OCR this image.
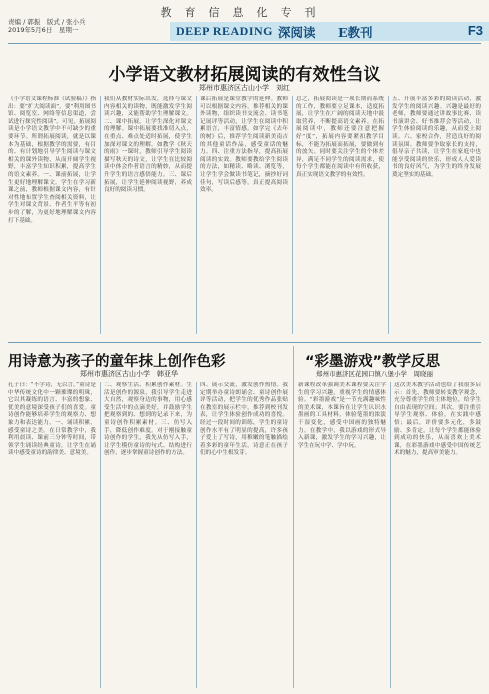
教育信息化专刊
责编 / 郭振　版式 / 张小兵
2019年5月6日　星期一	DEEP READING 深阅读 E教刊	F3
小学语文教材拓展阅读的有效性刍议
郑州市惠济区古山小学　刘红
《小学语文课程标准（试验稿）》指出：要“扩大阅读面”，要“利用图书馆、阅览室、网络等信息渠道，尝试进行探究性阅读”。可见，拓展阅读是小学语文教学中不可缺少的重要环节。所谓拓展阅读，就是以课本为基础，根据教学的需要，有目的、有计划地引导学生阅读与课文相关的课外读物，从而开阔学生视野，丰富学生知识积累，提高学生的语文素养。一、课前拓展，让学生更好地理解课文。学生在学习新课之前，教师根据课文内容，有针对性地布置学生查阅相关资料，让学生对课文背景、作者生平等有初步的了解，为更好地理解课文内容打下基础。
我们从教材实际出发，选择与课文内容相关的读物，既能激发学生阅读兴趣，又能帮助学生理解课文。二、课中拓展，让学生深化对课文的理解。课中拓展要找准切入点，在重点、难点处适时拓展，使学生加深对课文的理解。如教学《秋天的雨》一课时，教师引导学生阅读描写秋天的诗文，让学生在比较阅读中体会作者语言的精妙，从而提升学生的语言感悟能力。三、课后拓展，让学生延伸阅读视野，养成良好的阅读习惯。
课后拓展是课堂教学的延伸。教师可以根据课文内容，推荐相关的课外读物，组织读书交流会、读书笔记展评等活动，让学生在阅读中积累语言，丰富情感。如学完《去年的树》后，推荐学生阅读新美南吉的其他童话作品，感受童话的魅力。四、注重方法指导，提高拓展阅读的实效。教师要教给学生阅读的方法，如精读、略读、浏览等，让学生学会做读书笔记，摘抄好词佳句，写读后感等，真正提高阅读效率。
总之，拓展阅读是一项长期而系统的工作，教师要立足课本，适度拓展，让学生在广阔的阅读天地中汲取营养，不断提高语文素养。在拓展阅读中，教师还要注意把握好“度”，拓展内容要紧扣教学目标，不能为拓展而拓展，要做到有的放矢。同时要关注学生的个体差异，满足不同学生的阅读需求，使每个学生都能在阅读中有所收获，真正实现语文教学的有效性。
五、开展丰富多彩的阅读活动，激发学生的阅读兴趣。兴趣是最好的老师，教师要通过讲故事比赛、读书演讲会、好书推荐会等活动，让学生体验阅读的乐趣，从而爱上阅读。六、家校合作，营造良好的阅读氛围。教师要争取家长的支持，倡导亲子共读，让学生在家庭中也能享受阅读的快乐，形成人人爱读书的良好风气，为学生的终身发展奠定坚实的基础。
用诗意为孩子的童年抹上创作色彩
郑州市惠济区古山小学　韩亚华
孔子曰：“不学诗，无以言。”童诗是中华传统文化中一颗璀璨的明珠，它以其凝练的语言、丰富的想象、优美的意境深受孩子们的喜爱。童诗创作能够培养学生的观察力、想象力和表达能力。一、诵读积累，感受童诗之美。在日常教学中，我利用晨读、课前三分钟等时间，带领学生诵读经典童诗，让学生在诵读中感受童诗的韵律美、意境美。
二、观察生活，积累创作素材。生活是创作的源泉，我引导学生走进大自然，观察身边的事物，用心感受生活中的点滴美好，并鼓励学生把观察到的、想到的记录下来，为童诗创作积累素材。三、仿写入手，降低创作难度。对于刚接触童诗创作的学生，我先从仿写入手，让学生模仿童诗的句式、结构进行创作，逐步掌握童诗创作的方法。
四、展示交流，激发创作热情。我定期举办童诗朗诵会、童诗创作展评等活动，把学生的优秀作品张贴在教室的展示栏中，推荐到校刊发表，让学生体验创作成功的喜悦。经过一段时间的训练，学生的童诗创作水平有了明显的提高，许多孩子爱上了写诗，用稚嫩的笔触描绘着多彩的童年生活，诗意正在孩子们的心中生根发芽。
“彩墨游戏”教学反思
郑州市惠济区花园口镇八堡小学　周晓丽
新课程改革强调美术课程要关注学生的学习兴趣，重视学生的情感体验。“彩墨游戏”是一节充满趣味性的美术课，本课旨在让学生认识水墨画的工具材料，体验笔墨的浓淡干湿变化，感受中国画的独特魅力。在教学中，我以游戏的形式导入新课，激发学生的学习兴趣，让学生在玩中学、学中玩。
这次美术教学活动也给了我很多启示：首先，教师要转变教学观念，充分尊重学生的主体地位，给学生自由表现的空间；其次，要注重引导学生观察、体验，在实践中感悟；最后，评价要多元化，多鼓励、多肯定，让每个学生都能体验到成功的快乐，从而喜欢上美术课，在彩墨游戏中感受中国传统艺术的魅力，提高审美能力。
